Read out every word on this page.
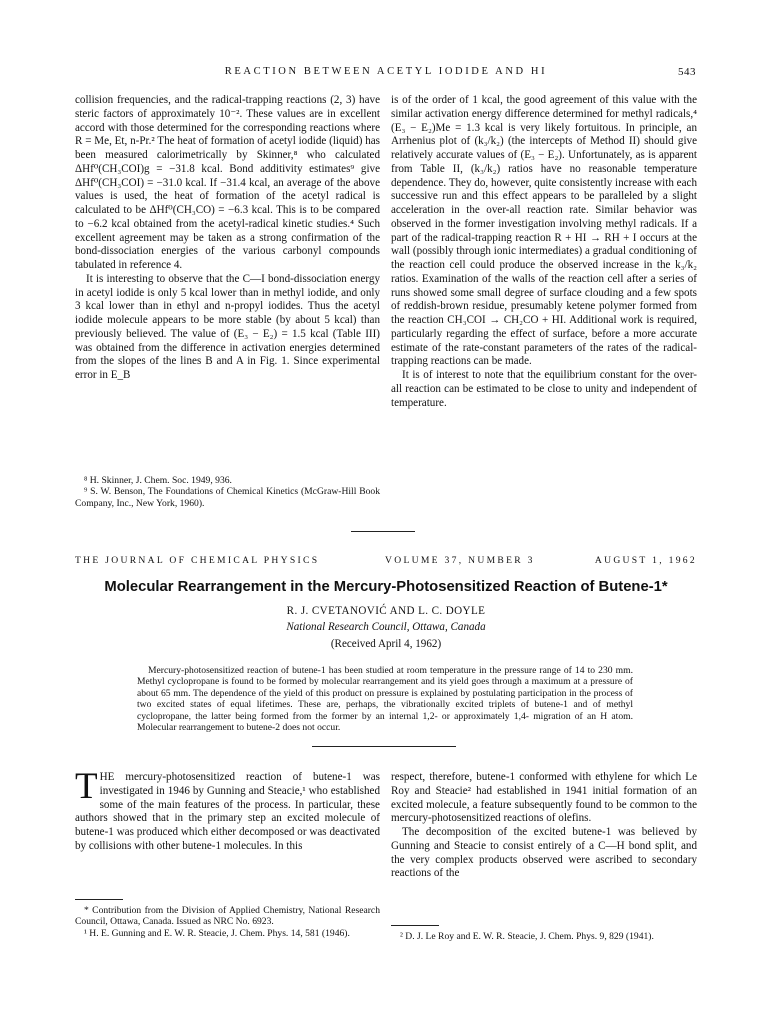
REACTION BETWEEN ACETYL IODIDE AND HI	543

collision frequencies, and the radical-trapping reactions (2, 3) have steric factors of approximately 10⁻². These values are in excellent accord with those determined for the corresponding reactions where R = Me, Et, n-Pr.² The heat of formation of acetyl iodide (liquid) has been measured calorimetrically by Skinner,⁸ who calculated ΔHf⁰(CH₃COI)g = −31.8 kcal. Bond additivity estimates⁹ give ΔHf⁰(CH₃COI) = −31.0 kcal. If −31.4 kcal, an average of the above values is used, the heat of formation of the acetyl radical is calculated to be ΔHf⁰(CH₃CO) = −6.3 kcal. This is to be compared to −6.2 kcal obtained from the acetyl-radical kinetic studies.⁴ Such excellent agreement may be taken as a strong confirmation of the bond-dissociation energies of the various carbonyl compounds tabulated in reference 4.

It is interesting to observe that the C—I bond-dissociation energy in acetyl iodide is only 5 kcal lower than in methyl iodide, and only 3 kcal lower than in ethyl and n-propyl iodides. Thus the acetyl iodide molecule appears to be more stable (by about 5 kcal) than previously believed. The value of (E₃ − E₂) = 1.5 kcal (Table III) was obtained from the difference in activation energies determined from the slopes of the lines B and A in Fig. 1. Since experimental error in E_B

⁸ H. Skinner, J. Chem. Soc. 1949, 936.

⁹ S. W. Benson, The Foundations of Chemical Kinetics (McGraw-Hill Book Company, Inc., New York, 1960).

is of the order of 1 kcal, the good agreement of this value with the similar activation energy difference determined for methyl radicals,⁴ (E₃ − E₂)Me = 1.3 kcal is very likely fortuitous. In principle, an Arrhenius plot of (k₃/k₂) (the intercepts of Method II) should give relatively accurate values of (E₃ − E₂). Unfortunately, as is apparent from Table II, (k₃/k₂) ratios have no reasonable temperature dependence. They do, however, quite consistently increase with each successive run and this effect appears to be paralleled by a slight acceleration in the over-all reaction rate. Similar behavior was observed in the former investigation involving methyl radicals. If a part of the radical-trapping reaction R + HI → RH + I occurs at the wall (possibly through ionic intermediates) a gradual conditioning of the reaction cell could produce the observed increase in the k₃/k₂ ratios. Examination of the walls of the reaction cell after a series of runs showed some small degree of surface clouding and a few spots of reddish-brown residue, presumably ketene polymer formed from the reaction CH₃COI → CH₂CO + HI. Additional work is required, particularly regarding the effect of surface, before a more accurate estimate of the rate-constant parameters of the rates of the radical-trapping reactions can be made.

It is of interest to note that the equilibrium constant for the over-all reaction can be estimated to be close to unity and independent of temperature.

THE JOURNAL OF CHEMICAL PHYSICS	VOLUME 37, NUMBER 3	AUGUST 1, 1962
Molecular Rearrangement in the Mercury-Photosensitized Reaction of Butene-1*
R. J. CVETANOVIĆ AND L. C. DOYLE
National Research Council, Ottawa, Canada
(Received April 4, 1962)
Mercury-photosensitized reaction of butene-1 has been studied at room temperature in the pressure range of 14 to 230 mm. Methyl cyclopropane is found to be formed by molecular rearrangement and its yield goes through a maximum at a pressure of about 65 mm. The dependence of the yield of this product on pressure is explained by postulating participation in the process of two excited states of equal lifetimes. These are, perhaps, the vibrationally excited triplets of butene-1 and of methyl cyclopropane, the latter being formed from the former by an internal 1,2- or approximately 1,4- migration of an H atom. Molecular rearrangement to butene-2 does not occur.

THE mercury-photosensitized reaction of butene-1 was investigated in 1946 by Gunning and Steacie,¹ who established some of the main features of the process. In particular, these authors showed that in the primary step an excited molecule of butene-1 was produced which either decomposed or was deactivated by collisions with other butene-1 molecules. In this

* Contribution from the Division of Applied Chemistry, National Research Council, Ottawa, Canada. Issued as NRC No. 6923.

¹ H. E. Gunning and E. W. R. Steacie, J. Chem. Phys. 14, 581 (1946).

respect, therefore, butene-1 conformed with ethylene for which Le Roy and Steacie² had established in 1941 initial formation of an excited molecule, a feature subsequently found to be common to the mercury-photosensitized reactions of olefins.

The decomposition of the excited butene-1 was believed by Gunning and Steacie to consist entirely of a C—H bond split, and the very complex products observed were ascribed to secondary reactions of the

² D. J. Le Roy and E. W. R. Steacie, J. Chem. Phys. 9, 829 (1941).
